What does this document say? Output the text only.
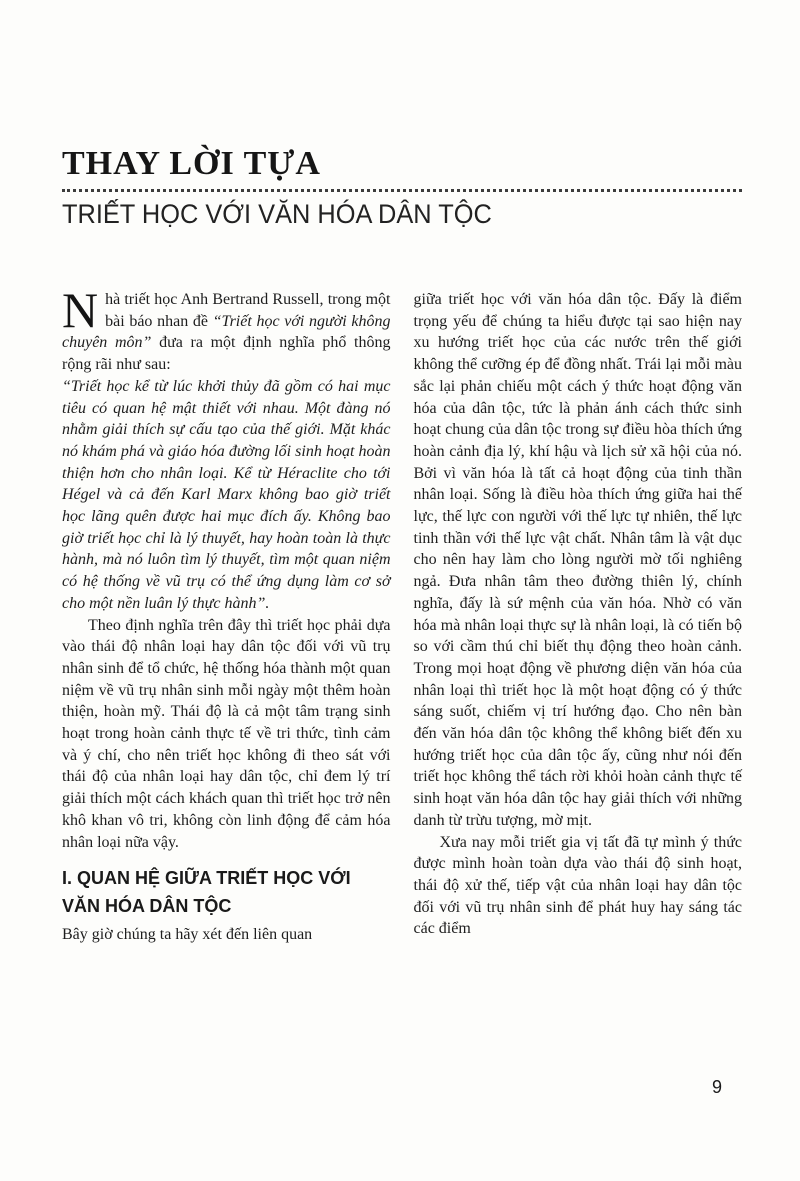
THAY LỜI TỰA
TRIẾT HỌC VỚI VĂN HÓA DÂN TỘC

Nhà triết học Anh Bertrand Russell, trong một bài báo nhan đề “Triết học với người không chuyên môn” đưa ra một định nghĩa phổ thông rộng rãi như sau:

“Triết học kể từ lúc khởi thủy đã gồm có hai mục tiêu có quan hệ mật thiết với nhau. Một đàng nó nhằm giải thích sự cấu tạo của thế giới. Mặt khác nó khám phá và giáo hóa đường lối sinh hoạt hoàn thiện hơn cho nhân loại. Kể từ Héraclite cho tới Hégel và cả đến Karl Marx không bao giờ triết học lãng quên được hai mục đích ấy. Không bao giờ triết học chỉ là lý thuyết, hay hoàn toàn là thực hành, mà nó luôn tìm lý thuyết, tìm một quan niệm có hệ thống về vũ trụ có thể ứng dụng làm cơ sở cho một nền luân lý thực hành”.

Theo định nghĩa trên đây thì triết học phải dựa vào thái độ nhân loại hay dân tộc đối với vũ trụ nhân sinh để tổ chức, hệ thống hóa thành một quan niệm về vũ trụ nhân sinh mỗi ngày một thêm hoàn thiện, hoàn mỹ. Thái độ là cả một tâm trạng sinh hoạt trong hoàn cảnh thực tế về tri thức, tình cảm và ý chí, cho nên triết học không đi theo sát với thái độ của nhân loại hay dân tộc, chỉ đem lý trí giải thích một cách khách quan thì triết học trở nên khô khan vô tri, không còn linh động để cảm hóa nhân loại nữa vậy.

I. QUAN HỆ GIỮA TRIẾT HỌC VỚI VĂN HÓA DÂN TỘC

Bây giờ chúng ta hãy xét đến liên quan

giữa triết học với văn hóa dân tộc. Đấy là điểm trọng yếu để chúng ta hiểu được tại sao hiện nay xu hướng triết học của các nước trên thế giới không thể cưỡng ép để đồng nhất. Trái lại mỗi màu sắc lại phản chiếu một cách ý thức hoạt động văn hóa của dân tộc, tức là phản ánh cách thức sinh hoạt chung của dân tộc trong sự điều hòa thích ứng hoàn cảnh địa lý, khí hậu và lịch sử xã hội của nó. Bởi vì văn hóa là tất cả hoạt động của tinh thần nhân loại. Sống là điều hòa thích ứng giữa hai thế lực, thế lực con người với thế lực tự nhiên, thế lực tinh thần với thế lực vật chất. Nhân tâm là vật dục cho nên hay làm cho lòng người mờ tối nghiêng ngả. Đưa nhân tâm theo đường thiên lý, chính nghĩa, đấy là sứ mệnh của văn hóa. Nhờ có văn hóa mà nhân loại thực sự là nhân loại, là có tiến bộ so với cầm thú chỉ biết thụ động theo hoàn cảnh. Trong mọi hoạt động về phương diện văn hóa của nhân loại thì triết học là một hoạt động có ý thức sáng suốt, chiếm vị trí hướng đạo. Cho nên bàn đến văn hóa dân tộc không thể không biết đến xu hướng triết học của dân tộc ấy, cũng như nói đến triết học không thể tách rời khỏi hoàn cảnh thực tế sinh hoạt văn hóa dân tộc hay giải thích với những danh từ trừu tượng, mờ mịt.

Xưa nay mỗi triết gia vị tất đã tự mình ý thức được mình hoàn toàn dựa vào thái độ sinh hoạt, thái độ xử thế, tiếp vật của nhân loại hay dân tộc đối với vũ trụ nhân sinh để phát huy hay sáng tác các điểm

9
